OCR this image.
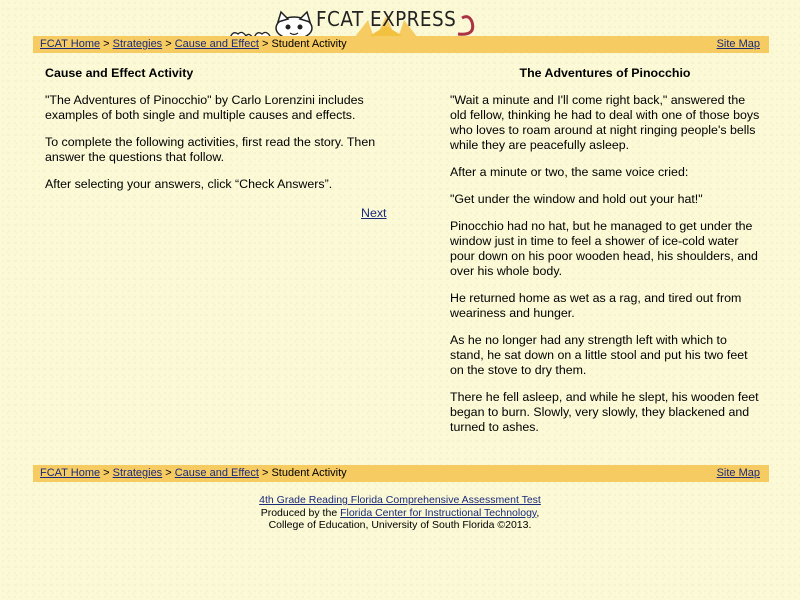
FCAT EXPRESS
FCAT Home > Strategies > Cause and Effect > Student Activity	Site Map
Cause and Effect Activity

"The Adventures of Pinocchio" by Carlo Lorenzini includes examples of both single and multiple causes and effects.

To complete the following activities, first read the story. Then answer the questions that follow.

After selecting your answers, click “Check Answers”.

Next
The Adventures of Pinocchio

"Wait a minute and I'll come right back," answered the old fellow, thinking he had to deal with one of those boys who loves to roam around at night ringing people's bells while they are peacefully asleep.

After a minute or two, the same voice cried:

"Get under the window and hold out your hat!"

Pinocchio had no hat, but he managed to get under the window just in time to feel a shower of ice-cold water pour down on his poor wooden head, his shoulders, and over his whole body.

He returned home as wet as a rag, and tired out from weariness and hunger.

As he no longer had any strength left with which to stand, he sat down on a little stool and put his two feet on the stove to dry them.

There he fell asleep, and while he slept, his wooden feet began to burn. Slowly, very slowly, they blackened and turned to ashes.

FCAT Home > Strategies > Cause and Effect > Student Activity	Site Map
4th Grade Reading Florida Comprehensive Assessment Test
Produced by the Florida Center for Instructional Technology,
College of Education, University of South Florida ©2013.
